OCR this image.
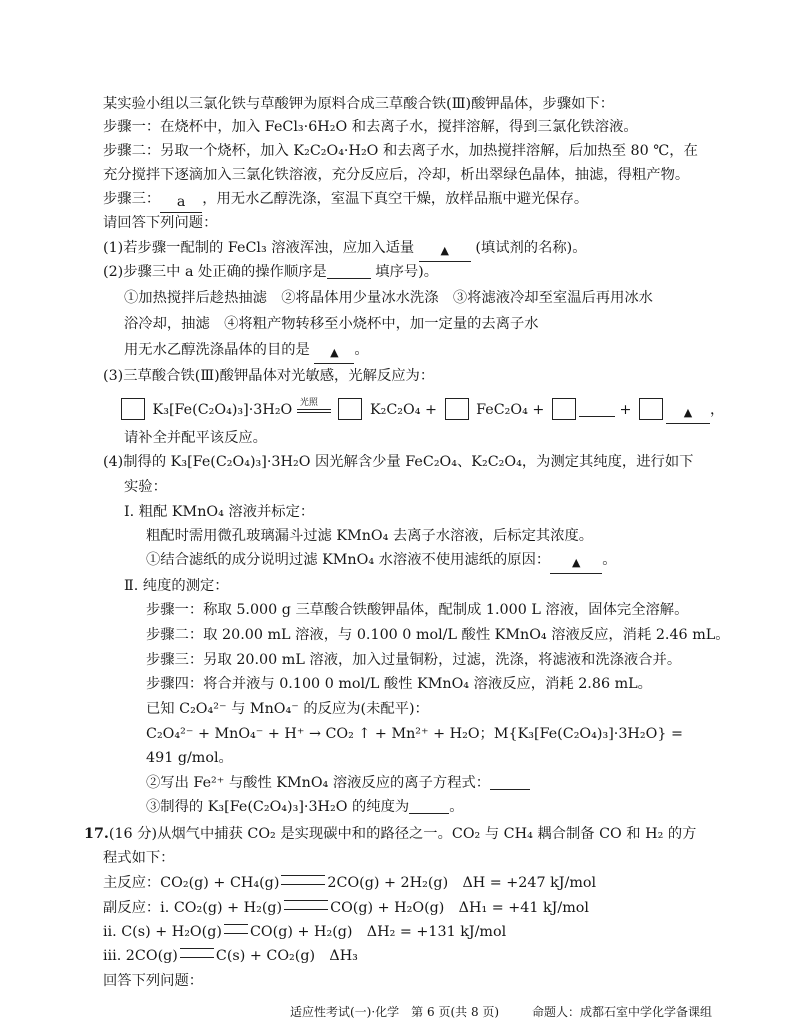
某实验小组以三氯化铁与草酸钾为原料合成三草酸合铁(Ⅲ)酸钾晶体，步骤如下：
步骤一：在烧杯中，加入 FeCl₃·6H₂O 和去离子水，搅拌溶解，得到三氯化铁溶液。
步骤二：另取一个烧杯，加入 K₂C₂O₄·H₂O 和去离子水，加热搅拌溶解，后加热至 80 ℃，在
充分搅拌下逐滴加入三氯化铁溶液，充分反应后，冷却，析出翠绿色晶体，抽滤，得粗产物。
步骤三： a ，用无水乙醇洗涤，室温下真空干燥，放样品瓶中避光保存。
请回答下列问题：
(1)若步骤一配制的 FeCl₃ 溶液浑浊，应加入适量 ▲ (填试剂的名称)。
(2)步骤三中 a 处正确的操作顺序是	填序号)。
①加热搅拌后趁热抽滤　②将晶体用少量冰水洗涤　③将滤液冷却至室温后再用冰水
浴冷却，抽滤　④将粗产物转移至小烧杯中，加一定量的去离子水
用无水乙醇洗涤晶体的目的是 ▲ 。
(3)三草酸合铁(Ⅲ)酸钾晶体对光敏感，光解反应为：
K₃[Fe(C₂O₄)₃]·3H₂O 光照	K₂C₂O₄ +	FeC₂O₄ +	+	▲ ，
请补全并配平该反应。
(4)制得的 K₃[Fe(C₂O₄)₃]·3H₂O 因光解含少量 FeC₂O₄、K₂C₂O₄，为测定其纯度，进行如下
实验：
Ⅰ. 粗配 KMnO₄ 溶液并标定：
粗配时需用微孔玻璃漏斗过滤 KMnO₄ 去离子水溶液，后标定其浓度。
①结合滤纸的成分说明过滤 KMnO₄ 水溶液不使用滤纸的原因： ▲ 。
Ⅱ. 纯度的测定：
步骤一：称取 5.000 g 三草酸合铁酸钾晶体，配制成 1.000 L 溶液，固体完全溶解。
步骤二：取 20.00 mL 溶液，与 0.100 0 mol/L 酸性 KMnO₄ 溶液反应，消耗 2.46 mL。
步骤三：另取 20.00 mL 溶液，加入过量铜粉，过滤，洗涤，将滤液和洗涤液合并。
步骤四：将合并液与 0.100 0 mol/L 酸性 KMnO₄ 溶液反应，消耗 2.86 mL。
已知 C₂O₄²⁻ 与 MnO₄⁻ 的反应为(未配平)：
C₂O₄²⁻ + MnO₄⁻ + H⁺ → CO₂ ↑ + Mn²⁺ + H₂O；M{K₃[Fe(C₂O₄)₃]·3H₂O} =
491 g/mol。
②写出 Fe²⁺ 与酸性 KMnO₄ 溶液反应的离子方程式：
③制得的 K₃[Fe(C₂O₄)₃]·3H₂O 的纯度为	。
17.(16 分)从烟气中捕获 CO₂ 是实现碳中和的路径之一。CO₂ 与 CH₄ 耦合制备 CO 和 H₂ 的方
程式如下：
主反应：CO₂(g) + CH₄(g)	2CO(g) + 2H₂(g)　ΔH = +247 kJ/mol
副反应：ⅰ. CO₂(g) + H₂(g)	CO(g) + H₂O(g)　ΔH₁ = +41 kJ/mol
ⅱ. C(s) + H₂O(g) CO(g) + H₂(g)　ΔH₂ = +131 kJ/mol
ⅲ. 2CO(g)	C(s) + CO₂(g)　ΔH₃
回答下列问题：
适应性考试(一)·化学　第 6 页(共 8 页)	命题人：成都石室中学化学备课组
